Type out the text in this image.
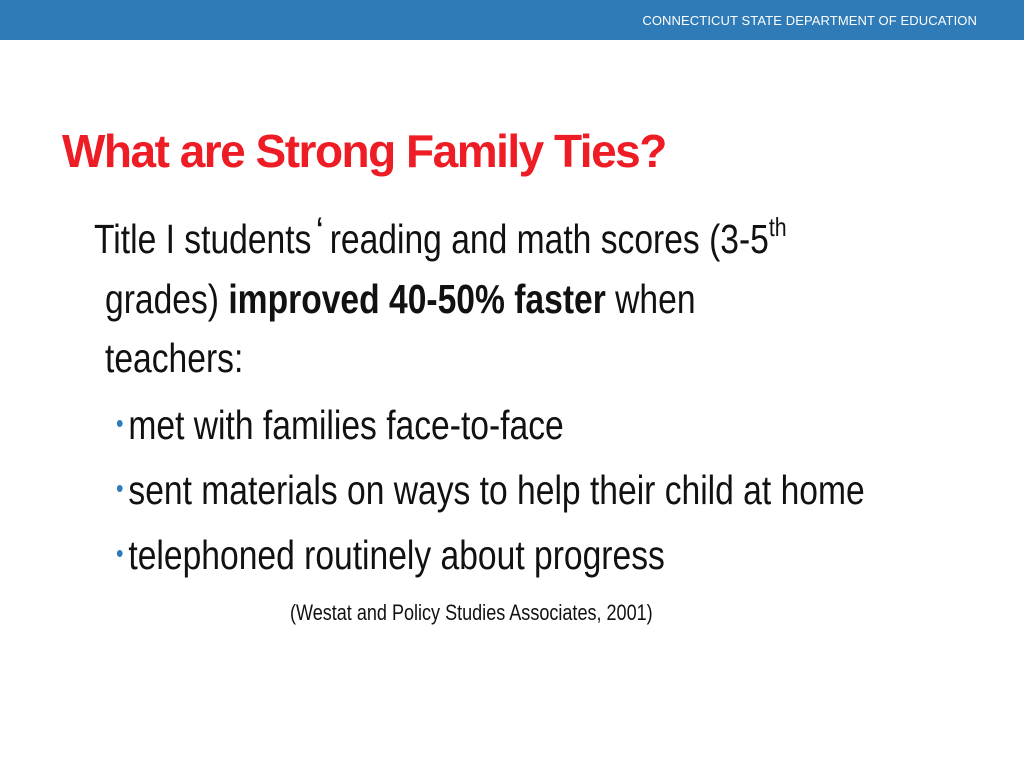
CONNECTICUT STATE DEPARTMENT OF EDUCATION
What are Strong Family Ties?
Title I students ‘ reading and math scores (3-5th
grades) improved 40-50% faster when
teachers:
• met with families face-to-face
• sent materials on ways to help their child at home
• telephoned routinely about progress
(Westat and Policy Studies Associates, 2001)
